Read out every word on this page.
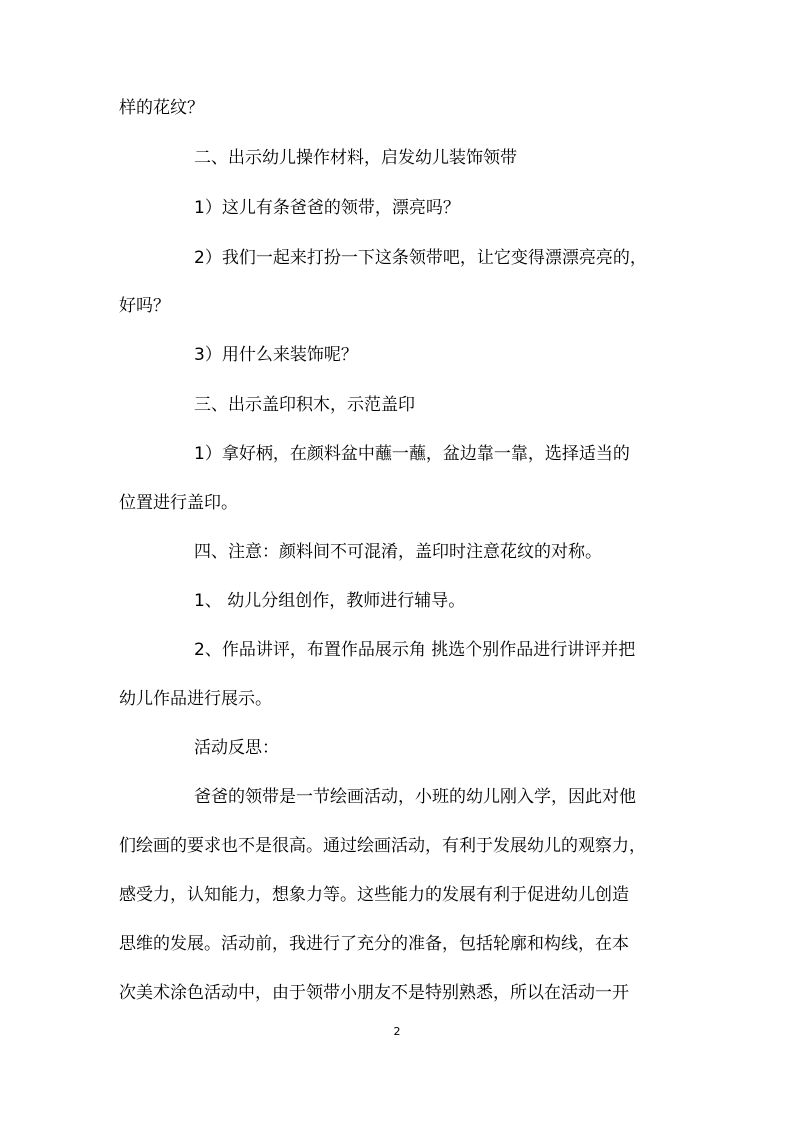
样的花纹？
二、出示幼儿操作材料，启发幼儿装饰领带
1）这儿有条爸爸的领带，漂亮吗？
2）我们一起来打扮一下这条领带吧，让它变得漂漂亮亮的，
好吗？
3）用什么来装饰呢？
三、出示盖印积木，示范盖印
1）拿好柄，在颜料盆中蘸一蘸，盆边靠一靠，选择适当的
位置进行盖印。
四、注意：颜料间不可混淆，盖印时注意花纹的对称。
1、 幼儿分组创作，教师进行辅导。
2、作品讲评，布置作品展示角 挑选个别作品进行讲评并把
幼儿作品进行展示。
活动反思：
爸爸的领带是一节绘画活动，小班的幼儿刚入学，因此对他
们绘画的要求也不是很高。通过绘画活动，有利于发展幼儿的观察力，
感受力，认知能力，想象力等。这些能力的发展有利于促进幼儿创造
思维的发展。活动前，我进行了充分的准备，包括轮廓和构线，在本
次美术涂色活动中，由于领带小朋友不是特别熟悉，所以在活动一开
2
